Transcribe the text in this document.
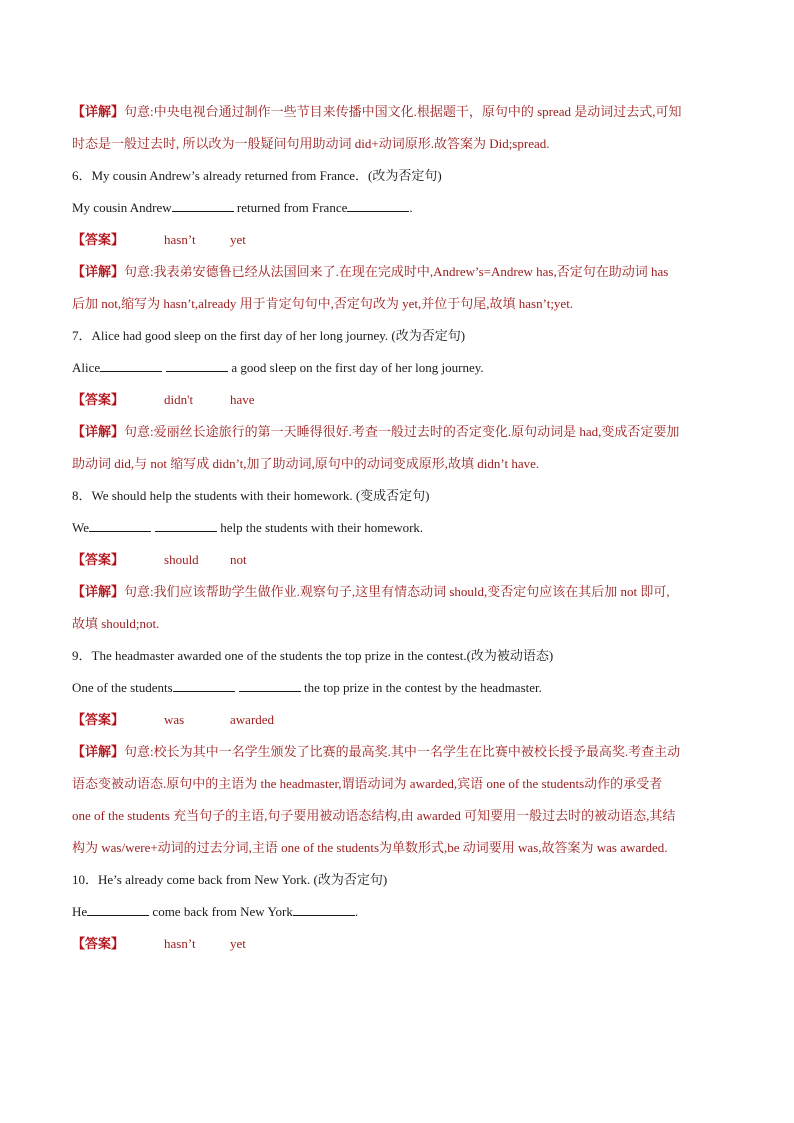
【详解】句意:中央电视台通过制作一些节目来传播中国文化.根据题干，原句中的 spread 是动词过去式,可知
时态是一般过去时, 所以改为一般疑问句用助动词 did+动词原形.故答案为 Did;spread.
6．My cousin Andrew’s already returned from France．(改为否定句)
My cousin Andrew	returned from France	.
【答案】	hasn’t	yet
【详解】句意:我表弟安德鲁已经从法国回来了.在现在完成时中,Andrew’s=Andrew has,否定句在助动词 has
后加 not,缩写为 hasn’t,already 用于肯定句句中,否定句改为 yet,并位于句尾,故填 hasn’t;yet.
7．Alice had good sleep on the first day of her long journey. (改为否定句)
Alice	a good sleep on the first day of her long journey.
【答案】	didn't	have
【详解】句意:爱丽丝长途旅行的第一天睡得很好.考查一般过去时的否定变化.原句动词是 had,变成否定要加
助动词 did,与 not 缩写成 didn’t,加了助动词,原句中的动词变成原形,故填 didn’t have.
8．We should help the students with their homework. (变成否定句)
We	help the students with their homework.
【答案】	should not
【详解】句意:我们应该帮助学生做作业.观察句子,这里有情态动词 should,变否定句应该在其后加 not 即可,
故填 should;not.
9．The headmaster awarded one of the students the top prize in the contest.(改为被动语态)
One of the students	the top prize in the contest by the headmaster.
【答案】	was	awarded
【详解】句意:校长为其中一名学生颁发了比赛的最高奖.其中一名学生在比赛中被校长授予最高奖.考查主动
语态变被动语态.原句中的主语为 the headmaster,谓语动词为 awarded,宾语 one of the students动作的承受者
one of the students 充当句子的主语,句子要用被动语态结构,由 awarded 可知要用一般过去时的被动语态,其结
构为 was/were+动词的过去分词,主语 one of the students为单数形式,be 动词要用 was,故答案为 was awarded.
10．He’s already come back from New York. (改为否定句)
He	come back from New York	.
【答案】	hasn’t	yet
